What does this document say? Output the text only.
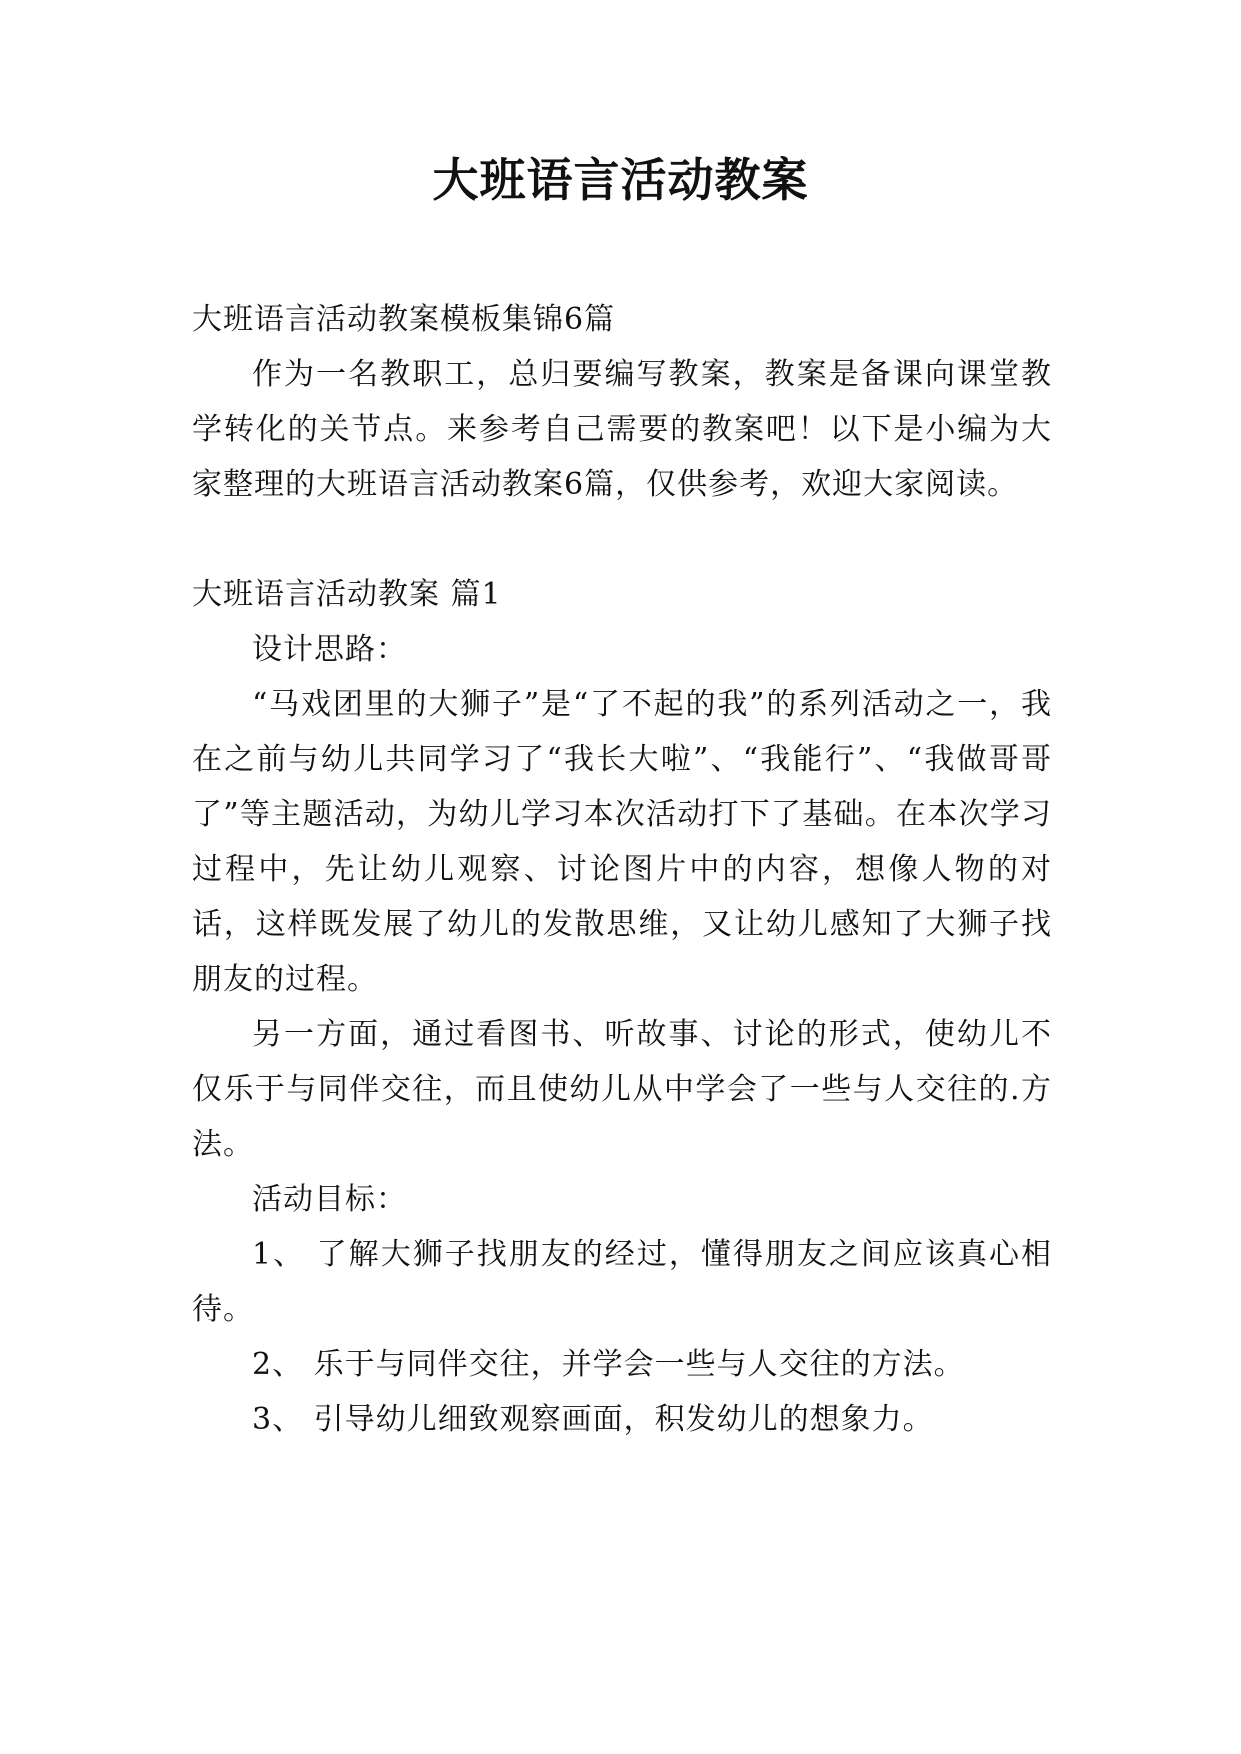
大班语言活动教案

大班语言活动教案模板集锦6篇

作为一名教职工，总归要编写教案，教案是备课向课堂教学转化的关节点。来参考自己需要的教案吧！以下是小编为大家整理的大班语言活动教案6篇，仅供参考，欢迎大家阅读。

大班语言活动教案 篇1

设计思路：

“马戏团里的大狮子”是“了不起的我”的系列活动之一，我在之前与幼儿共同学习了“我长大啦”、“我能行”、“我做哥哥了”等主题活动，为幼儿学习本次活动打下了基础。在本次学习过程中，先让幼儿观察、讨论图片中的内容，想像人物的对话，这样既发展了幼儿的发散思维，又让幼儿感知了大狮子找朋友的过程。

另一方面，通过看图书、听故事、讨论的形式，使幼儿不仅乐于与同伴交往，而且使幼儿从中学会了一些与人交往的.方法。

活动目标：

1、 了解大狮子找朋友的经过，懂得朋友之间应该真心相待。

2、 乐于与同伴交往，并学会一些与人交往的方法。

3、 引导幼儿细致观察画面，积发幼儿的想象力。
